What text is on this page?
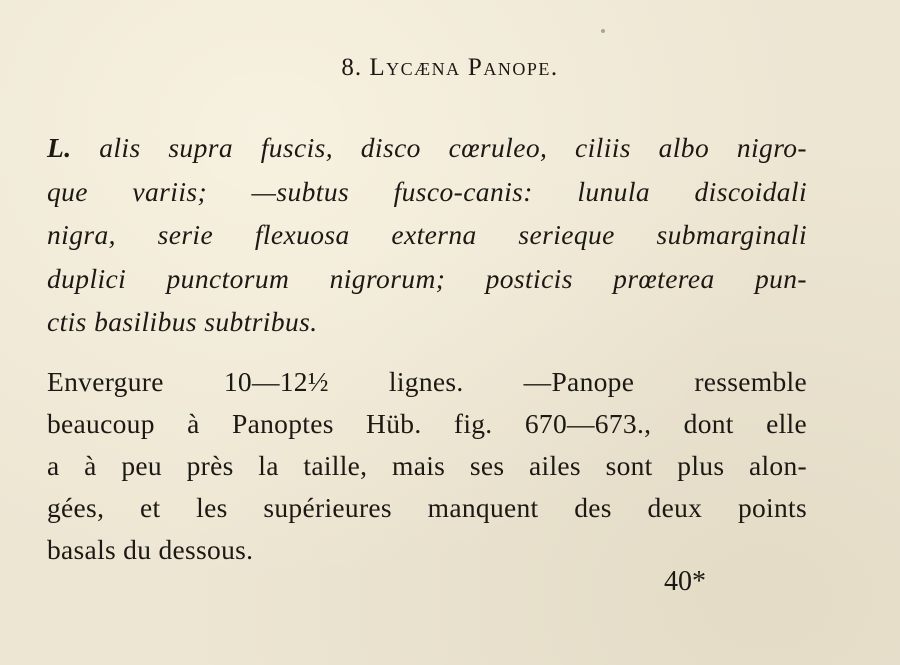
8. Lycæna Panope.
L. alis supra fuscis, disco cœruleo, ciliis albo nigro-
que variis; —subtus fusco-canis: lunula discoidali
nigra, serie flexuosa externa serieque submarginali
duplici punctorum nigrorum; posticis prœterea pun-
ctis basilibus subtribus.
Envergure 10—12½ lignes. —Panope ressemble
beaucoup à Panoptes Hüb. fig. 670—673., dont elle
a à peu près la taille, mais ses ailes sont plus alon-
gées, et les supérieures manquent des deux points
basals du dessous.
40*
